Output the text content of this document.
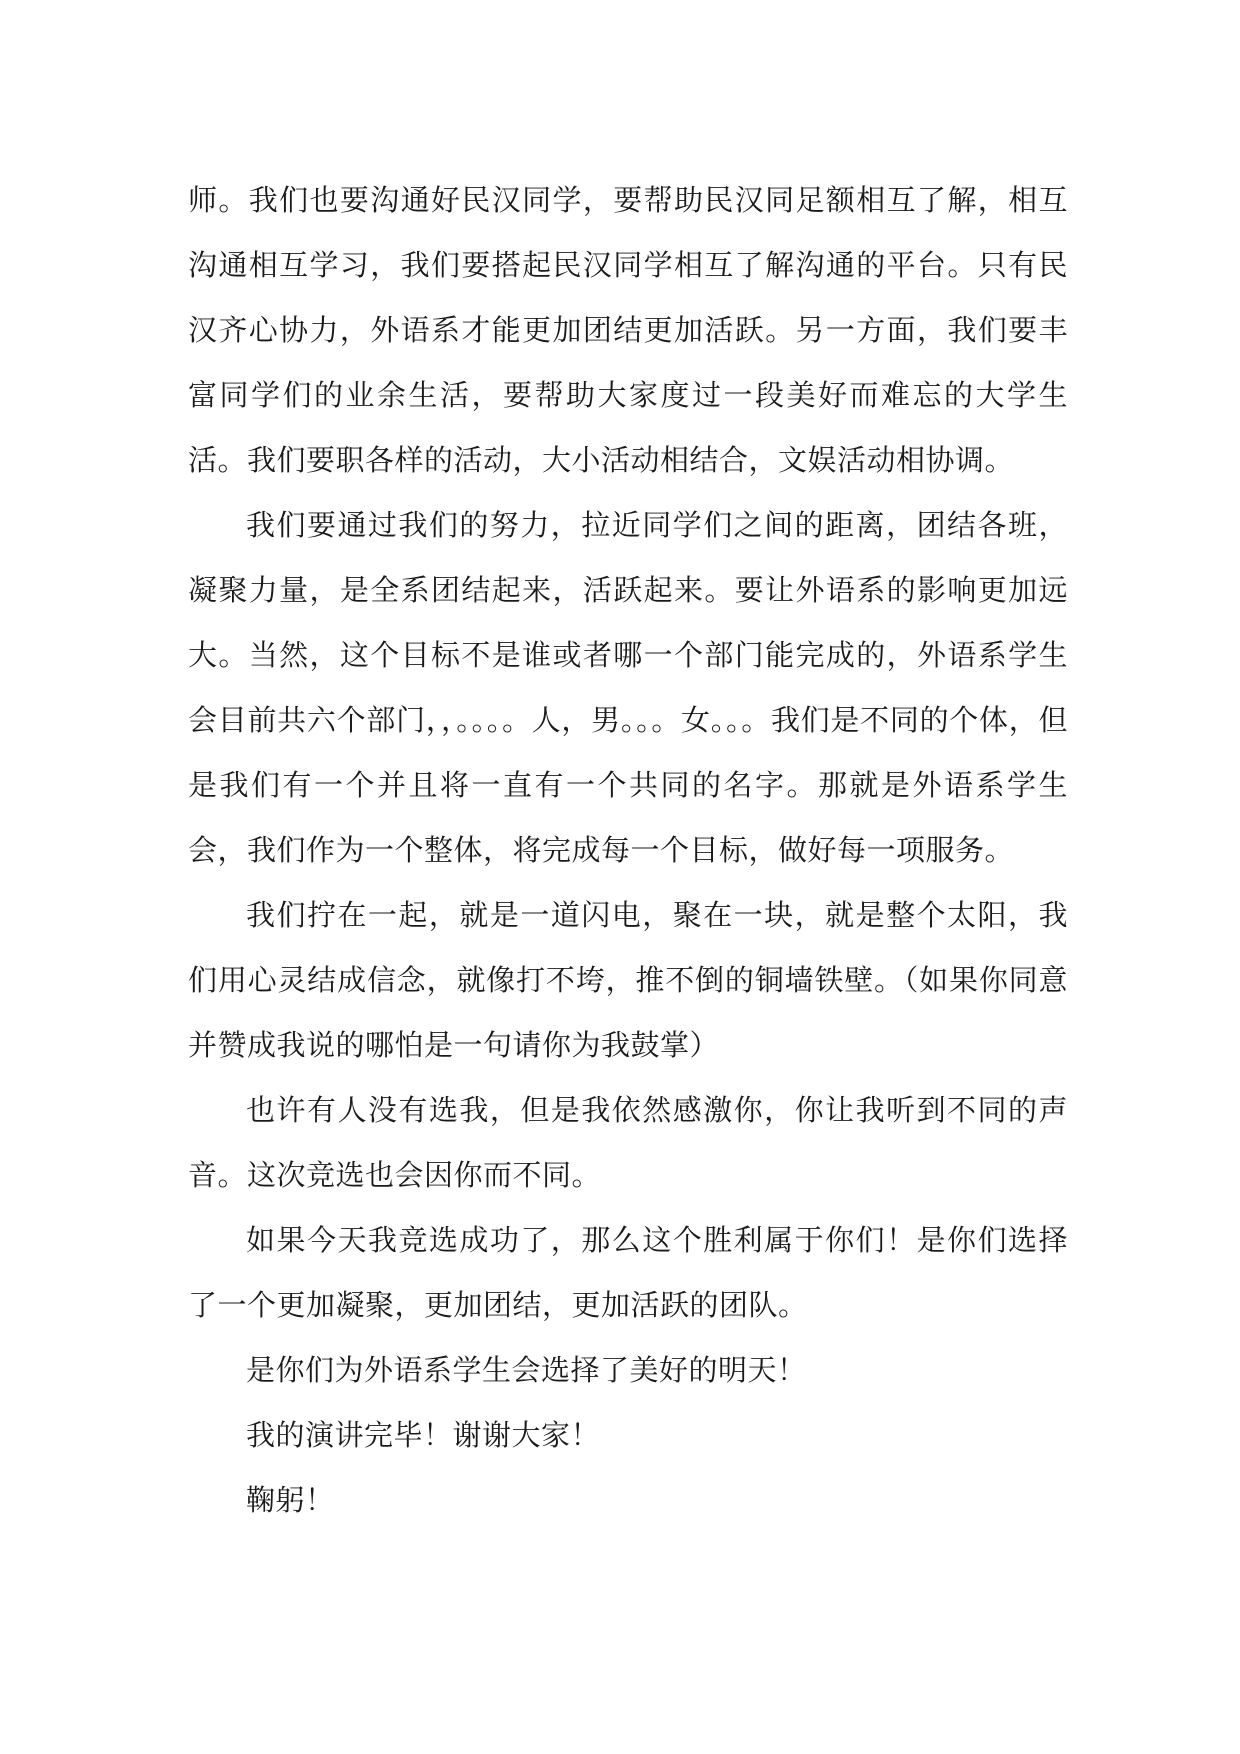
师。我们也要沟通好民汉同学，要帮助民汉同足额相互了解，相互沟通相互学习，我们要搭起民汉同学相互了解沟通的平台。只有民汉齐心协力，外语系才能更加团结更加活跃。另一方面，我们要丰富同学们的业余生活，要帮助大家度过一段美好而难忘的大学生活。我们要职各样的活动，大小活动相结合，文娱活动相协调。

我们要通过我们的努力，拉近同学们之间的距离，团结各班，凝聚力量，是全系团结起来，活跃起来。要让外语系的影响更加远大。当然，这个目标不是谁或者哪一个部门能完成的，外语系学生会目前共六个部门，，。。。。人，男。。。女。。。我们是不同的个体，但是我们有一个并且将一直有一个共同的名字。那就是外语系学生会，我们作为一个整体，将完成每一个目标，做好每一项服务。

我们拧在一起，就是一道闪电，聚在一块，就是整个太阳，我们用心灵结成信念，就像打不垮，推不倒的铜墙铁壁。（如果你同意并赞成我说的哪怕是一句请你为我鼓掌）

也许有人没有选我，但是我依然感激你，你让我听到不同的声音。这次竞选也会因你而不同。

如果今天我竞选成功了，那么这个胜利属于你们！是你们选择了一个更加凝聚，更加团结，更加活跃的团队。

是你们为外语系学生会选择了美好的明天！

我的演讲完毕！谢谢大家！

鞠躬！
